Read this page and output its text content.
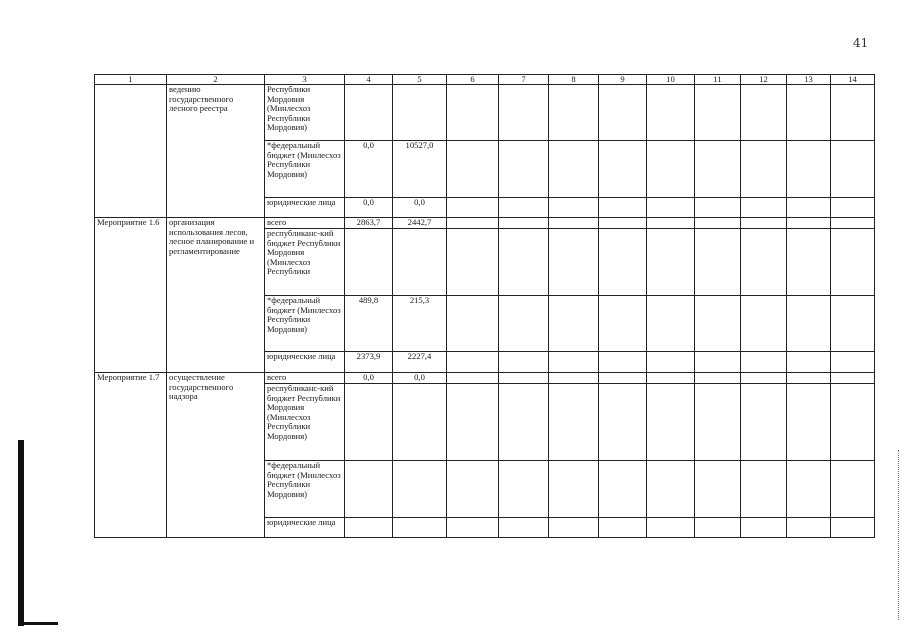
41
1	2	3	4	5	6	7	8	9	10	11	12	13	14
	ведению государственного лесного реестра	Республики Мордовия (Минлесхоз Республики Мордовия)											
		*федеральный бюджет (Минлесхоз Республики Мордовия)	0,0	10527,0									
		юридические лица	0,0	0,0									
Мероприятие 1.6	организация использования лесов, лесное планирование и регламентирование	всего	2863,7	2442,7									
		республиканс-кий бюджет Республики Мордовия (Минлесхоз Республики											
		*федеральный бюджет (Минлесхоз Республики Мордовия)	489,8	215,3									
		юридические лица	2373,9	2227,4									
Мероприятие 1.7	осуществление государственного надзора	всего	0,0	0,0									
		республиканс-кий бюджет Республики Мордовия (Минлесхоз Республики Мордовия)											
		*федеральный бюджет (Минлесхоз Республики Мордовия)											
		юридические лица											
